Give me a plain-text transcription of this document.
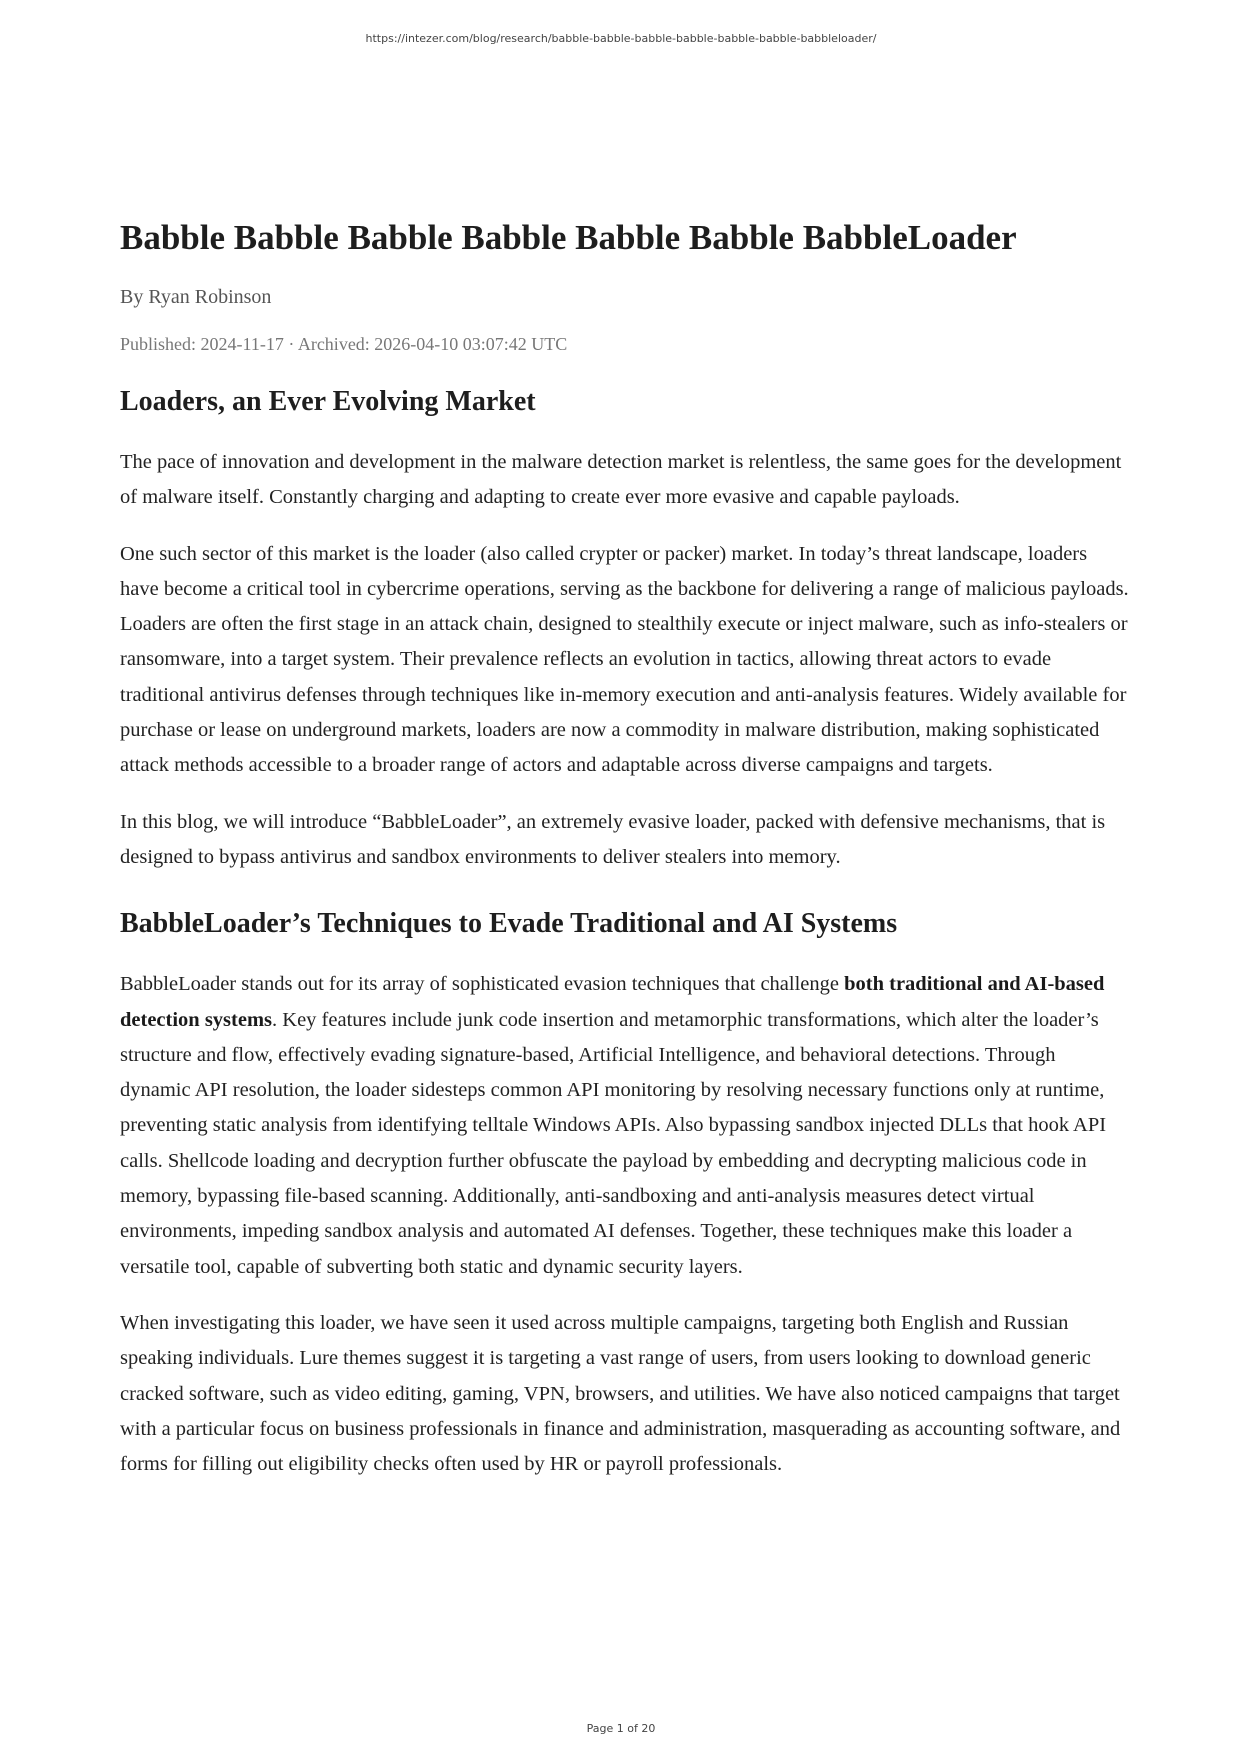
https://intezer.com/blog/research/babble-babble-babble-babble-babble-babble-babbleloader/
Babble Babble Babble Babble Babble Babble BabbleLoader
By Ryan Robinson
Published: 2024-11-17 · Archived: 2026-04-10 03:07:42 UTC
Loaders, an Ever Evolving Market

The pace of innovation and development in the malware detection market is relentless, the same goes for the development of malware itself. Constantly charging and adapting to create ever more evasive and capable payloads.

One such sector of this market is the loader (also called crypter or packer) market. In today’s threat landscape, loaders have become a critical tool in cybercrime operations, serving as the backbone for delivering a range of malicious payloads. Loaders are often the first stage in an attack chain, designed to stealthily execute or inject malware, such as info-stealers or ransomware, into a target system. Their prevalence reflects an evolution in tactics, allowing threat actors to evade traditional antivirus defenses through techniques like in-memory execution and anti-analysis features. Widely available for purchase or lease on underground markets, loaders are now a commodity in malware distribution, making sophisticated attack methods accessible to a broader range of actors and adaptable across diverse campaigns and targets.

In this blog, we will introduce “BabbleLoader”, an extremely evasive loader, packed with defensive mechanisms, that is designed to bypass antivirus and sandbox environments to deliver stealers into memory.

BabbleLoader’s Techniques to Evade Traditional and AI Systems

BabbleLoader stands out for its array of sophisticated evasion techniques that challenge both traditional and AI-based detection systems. Key features include junk code insertion and metamorphic transformations, which alter the loader’s structure and flow, effectively evading signature-based, Artificial Intelligence, and behavioral detections. Through dynamic API resolution, the loader sidesteps common API monitoring by resolving necessary functions only at runtime, preventing static analysis from identifying telltale Windows APIs. Also bypassing sandbox injected DLLs that hook API calls. Shellcode loading and decryption further obfuscate the payload by embedding and decrypting malicious code in memory, bypassing file-based scanning. Additionally, anti-sandboxing and anti-analysis measures detect virtual environments, impeding sandbox analysis and automated AI defenses. Together, these techniques make this loader a versatile tool, capable of subverting both static and dynamic security layers.

When investigating this loader, we have seen it used across multiple campaigns, targeting both English and Russian speaking individuals. Lure themes suggest it is targeting a vast range of users, from users looking to download generic cracked software, such as video editing, gaming, VPN, browsers, and utilities. We have also noticed campaigns that target with a particular focus on business professionals in finance and administration, masquerading as accounting software, and forms for filling out eligibility checks often used by HR or payroll professionals.

Page 1 of 20
